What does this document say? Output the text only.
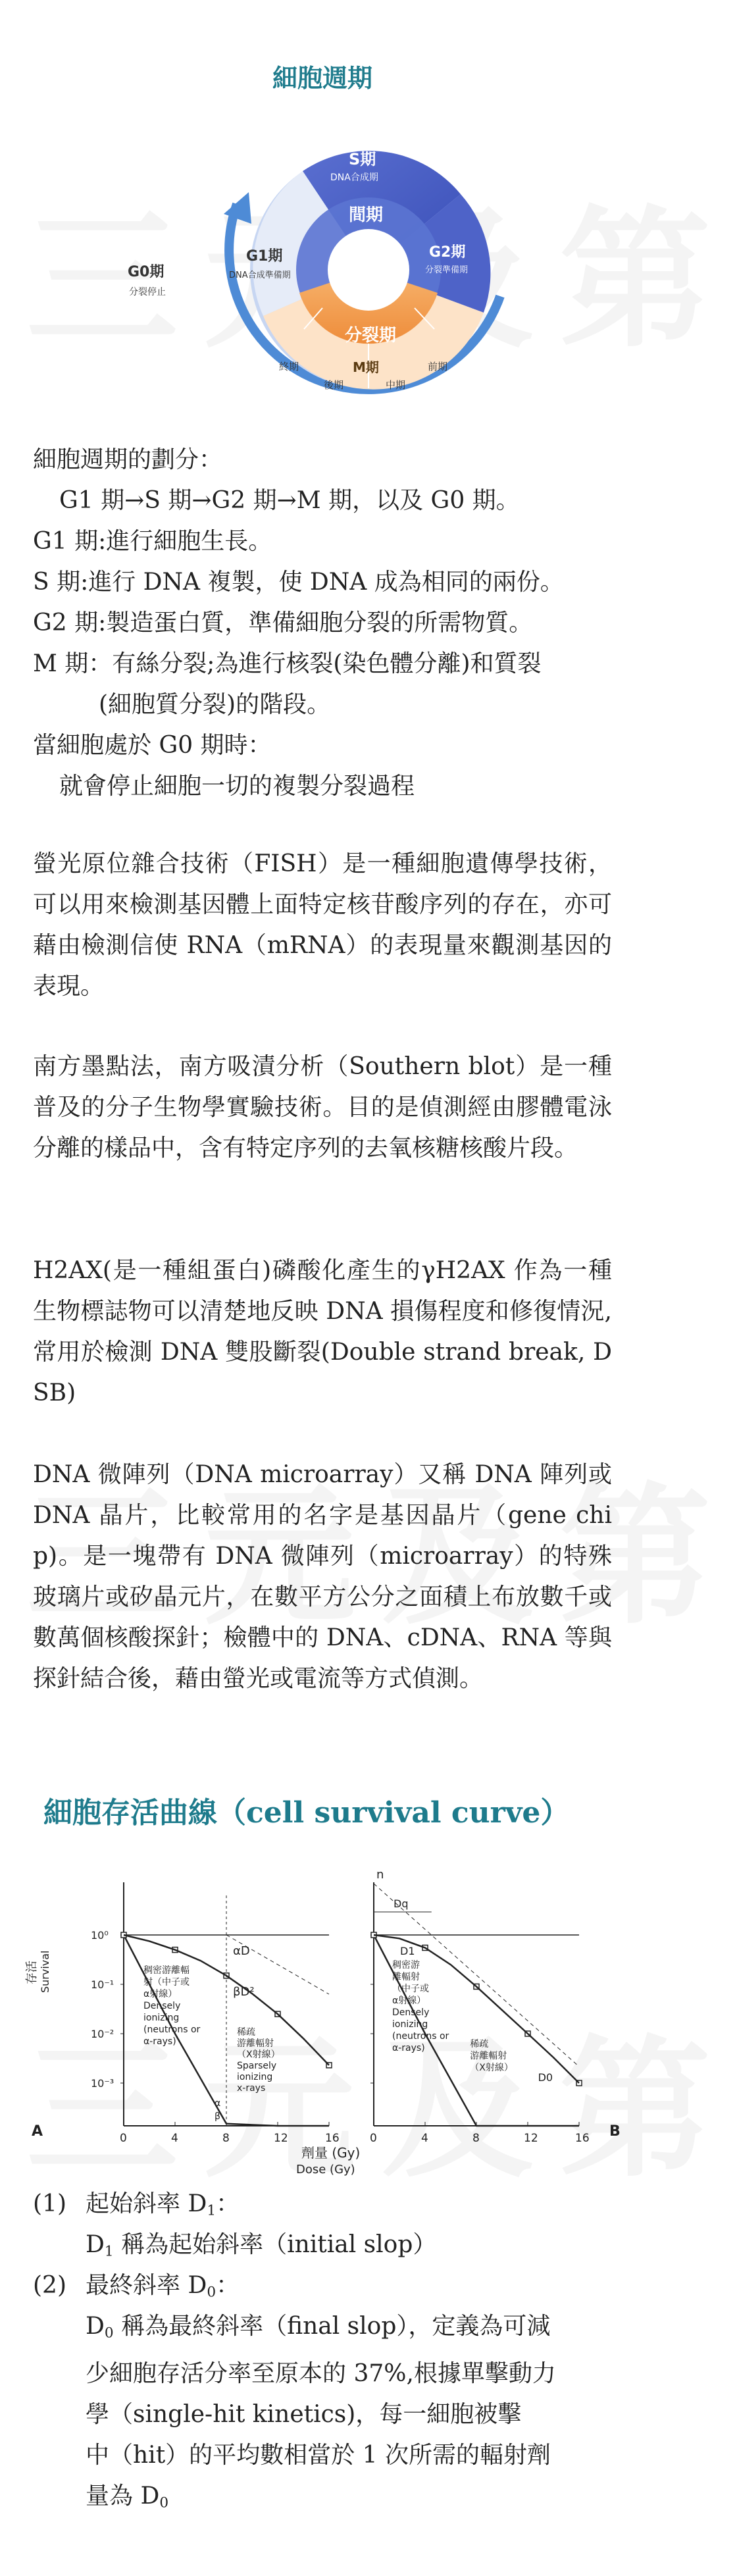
細胞週期
S期
DNA合成期
間期
G1期
DNA合成準備期
G2期
分裂準備期
G0期
分裂停止
分裂期
M期
終期
後期	中期
前期
細胞週期的劃分：
G1 期→S 期→G2 期→M 期，以及 G0 期。
G1 期:進行細胞生長。
S 期:進行 DNA 複製，使 DNA 成為相同的兩份。
G2 期:製造蛋白質，準備細胞分裂的所需物質。
M 期：有絲分裂;為進行核裂(染色體分離)和質裂
(細胞質分裂)的階段。
當細胞處於 G0 期時：
就會停止細胞一切的複製分裂過程
螢光原位雜合技術（FISH）是一種細胞遺傳學技術，可以用來檢測基因體上面特定核苷酸序列的存在，亦可藉由檢測信使 RNA（mRNA）的表現量來觀測基因的表現。
南方墨點法，南方吸漬分析（Southern blot）是一種普及的分子生物學實驗技術。目的是偵測經由膠體電泳分離的樣品中，含有特定序列的去氧核糖核酸片段。
H2AX(是一種組蛋白)磷酸化產生的γH2AX 作為一種生物標誌物可以清楚地反映 DNA 損傷程度和修復情況,常用於檢測 DNA 雙股斷裂(Double strand break, DSB)
DNA 微陣列（DNA microarray）又稱 DNA 陣列或 DNA 晶片，比較常用的名字是基因晶片（gene chip)。是一塊帶有 DNA 微陣列（microarray）的特殊玻璃片或矽晶元片，在數平方公分之面積上布放數千或數萬個核酸探針；檢體中的 DNA、cDNA、RNA 等與探針結合後，藉由螢光或電流等方式偵測。
細胞存活曲線（cell survival curve）
存活 Survival
劑量 (Gy)
Dose (Gy)
A	B
0	4	8	12	16
10⁰
10⁻¹
10⁻²
10⁻³
αD
βD²
α
β
稠密游離輻
射（中子或
α射線）
Densely
ionizing
(neutrons or
α-rays)
稀疏
游離輻射
（X射線）
Sparsely
ionizing
x-rays
0	4	8	12	16
n
Dq
D1
D0
稠密游
離輻射
（中子或
α射線）
Densely
ionizing
(neutrons or
α-rays)	稀疏
游離輻射
（X射線）
(1) 起始斜率 $D_1$：
$D_1$ 稱為起始斜率（initial slop）
(2) 最終斜率 $D_0$：
$D_0$ 稱為最終斜率（final slop），定義為可減
少細胞存活分率至原本的 37%,根據單擊動力
學（single-hit kinetics)，每一細胞被擊
中（hit）的平均數相當於 1 次所需的輻射劑
量為 $D_0$
